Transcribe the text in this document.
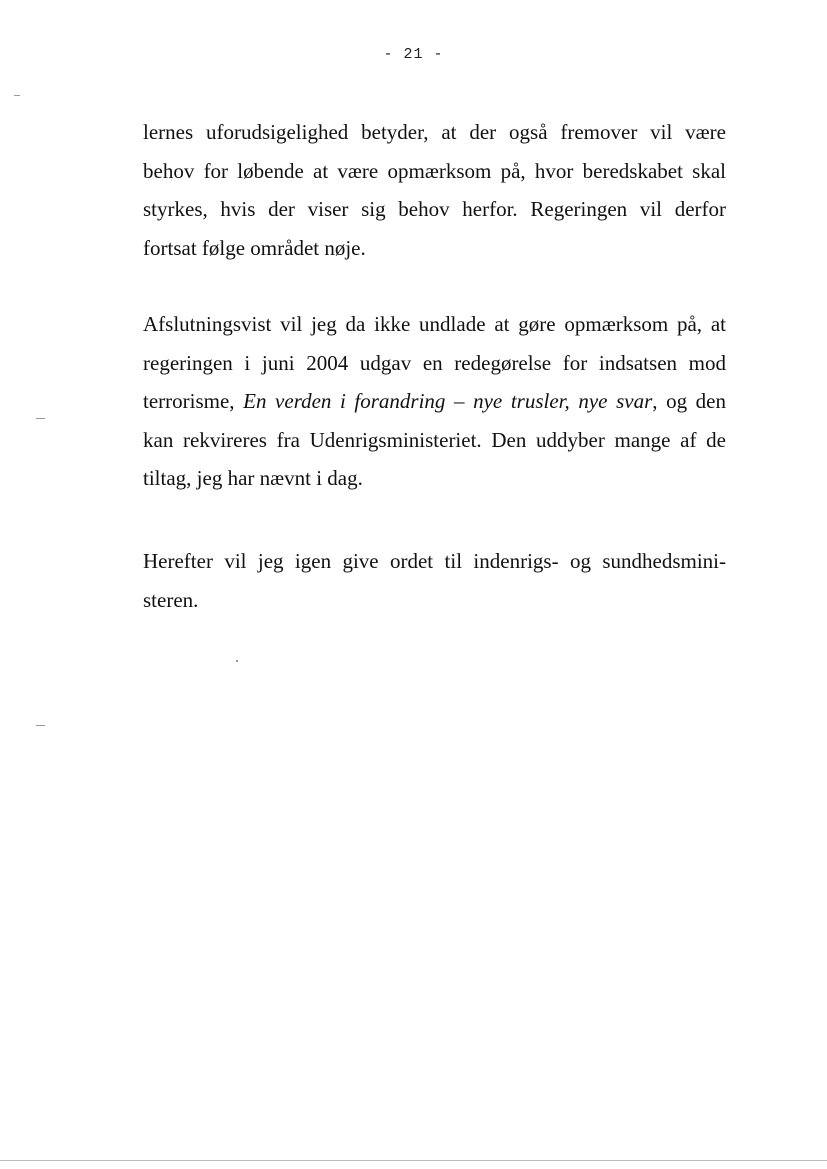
- 21 -
lernes uforudsigelighed betyder, at der også fremover vil være
behov for løbende at være opmærksom på, hvor beredskabet skal
styrkes, hvis der viser sig behov herfor. Regeringen vil derfor
fortsat følge området nøje.
Afslutningsvist vil jeg da ikke undlade at gøre opmærksom på, at
regeringen i juni 2004 udgav en redegørelse for indsatsen mod
terrorisme, En verden i forandring – nye trusler, nye svar, og den
kan rekvireres fra Udenrigsministeriet. Den uddyber mange af de
tiltag, jeg har nævnt i dag.
Herefter vil jeg igen give ordet til indenrigs- og sundhedsmini-
steren.
